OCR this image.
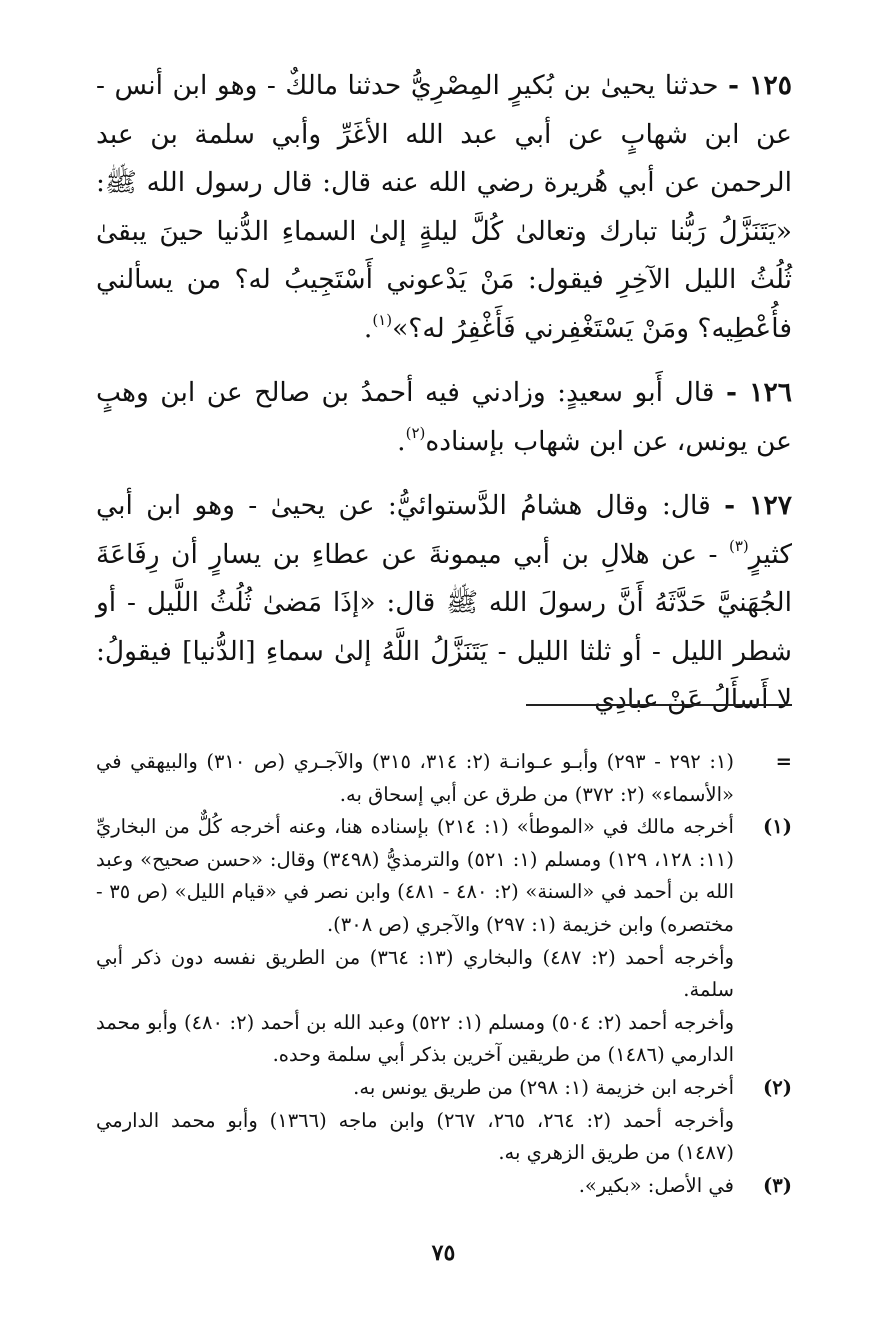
١٢٥ - حدثنا يحيىٰ بن بُكيرٍ المِصْرِيُّ حدثنا مالكٌ - وهو ابن أنس - عن ابن شهابٍ عن أبي عبد الله الأغَرِّ وأبي سلمة بن عبد الرحمن عن أبي هُريرة رضي الله عنه قال: قال رسول الله ﷺ: «يَتَنَزَّلُ رَبُّنا تبارك وتعالىٰ كُلَّ ليلةٍ إلىٰ السماءِ الدُّنيا حينَ يبقىٰ ثُلُثُ الليل الآخِرِ فيقول: مَنْ يَدْعوني أَسْتَجِيبُ له؟ من يسألني فأُعْطِيه؟ ومَنْ يَسْتَغْفِرني فَأَغْفِرُ له؟»$^{(١)}$.

١٢٦ - قال أَبو سعيدٍ: وزادني فيه أحمدُ بن صالح عن ابن وهبٍ عن يونس، عن ابن شهاب بإسناده$^{(٢)}$.

١٢٧ - قال: وقال هشامُ الدَّستوائيُّ: عن يحيىٰ - وهو ابن أبي كثيرٍ$^{(٣)}$ - عن هلالِ بن أبي ميمونةَ عن عطاءِ بن يسارٍ أن رِفَاعَةَ الجُهَنيَّ حَدَّثَهُ أَنَّ رسولَ الله ﷺ قال: «إذَا مَضىٰ ثُلُثُ اللَّيل - أو شطر الليل - أو ثلثا الليل - يَتَنَزَّلُ اللَّهُ إلىٰ سماءِ [الدُّنيا] فيقولُ: لا أَسأَلُ عَنْ عبادِي

=
(١: ٢٩٢ - ٢٩٣) وأبـو عـوانـة (٢: ٣١٤، ٣١٥) والآجـري (ص ٣١٠) والبيهقي في «الأسماء» (٢: ٣٧٢) من طرق عن أبي إسحاق به.
(١)
أخرجه مالك في «الموطأ» (١: ٢١٤) بإسناده هنا، وعنه أخرجه كُلٌّ من البخاريِّ (١١: ١٢٨، ١٢٩) ومسلم (١: ٥٢١) والترمذيُّ (٣٤٩٨) وقال: «حسن صحيح» وعبد الله بن أحمد في «السنة» (٢: ٤٨٠ - ٤٨١) وابن نصر في «قيام الليل» (ص ٣٥ - مختصره) وابن خزيمة (١: ٢٩٧) والآجري (ص ٣٠٨).
وأخرجه أحمد (٢: ٤٨٧) والبخاري (١٣: ٣٦٤) من الطريق نفسه دون ذكر أبي سلمة.
وأخرجه أحمد (٢: ٥٠٤) ومسلم (١: ٥٢٢) وعبد الله بن أحمد (٢: ٤٨٠) وأبو محمد الدارمي (١٤٨٦) من طريقين آخرين بذكر أبي سلمة وحده.
(٢)
أخرجه ابن خزيمة (١: ٢٩٨) من طريق يونس به.
وأخرجه أحمد (٢: ٢٦٤، ٢٦٥، ٢٦٧) وابن ماجه (١٣٦٦) وأبو محمد الدارمي (١٤٨٧) من طريق الزهري به.
(٣)
في الأصل: «بكير».
٧٥
